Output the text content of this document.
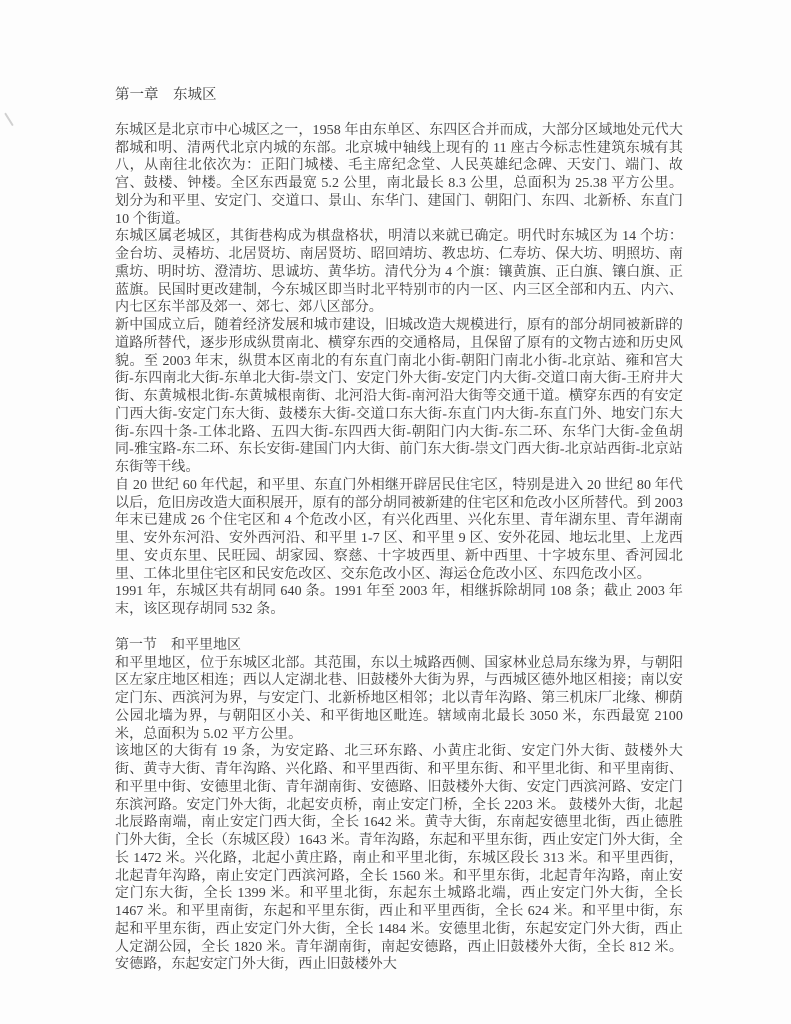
第一章　东城区

东城区是北京市中心城区之一，1958 年由东单区、东四区合并而成，大部分区域地处元代大都城和明、清两代北京内城的东部。北京城中轴线上现有的 11 座古今标志性建筑东城有其八，从南往北依次为：正阳门城楼、毛主席纪念堂、人民英雄纪念碑、天安门、端门、故宫、鼓楼、钟楼。全区东西最宽 5.2 公里，南北最长 8.3 公里，总面积为 25.38 平方公里。划分为和平里、安定门、交道口、景山、东华门、建国门、朝阳门、东四、北新桥、东直门 10 个街道。

东城区属老城区，其街巷构成为棋盘格状，明清以来就已确定。明代时东城区为 14 个坊：金台坊、灵椿坊、北居贤坊、南居贤坊、昭回靖坊、教忠坊、仁寿坊、保大坊、明照坊、南熏坊、明时坊、澄清坊、思诚坊、黄华坊。清代分为 4 个旗：镶黄旗、正白旗、镶白旗、正蓝旗。民国时更改建制，今东城区即当时北平特别市的内一区、内三区全部和内五、内六、内七区东半部及郊一、郊七、郊八区部分。

新中国成立后，随着经济发展和城市建设，旧城改造大规模进行，原有的部分胡同被新辟的道路所替代，逐步形成纵贯南北、横穿东西的交通格局，且保留了原有的文物古迹和历史风貌。至 2003 年末，纵贯本区南北的有东直门南北小街-朝阳门南北小街-北京站、雍和宫大街-东四南北大街-东单北大街-崇文门、安定门外大街-安定门内大街-交道口南大街-王府井大街、东黄城根北街-东黄城根南街、北河沿大街-南河沿大街等交通干道。横穿东西的有安定门西大街-安定门东大街、鼓楼东大街-交道口东大街-东直门内大街-东直门外、地安门东大街-东四十条-工体北路、五四大街-东四西大街-朝阳门内大街-东二环、东华门大街-金鱼胡同-雅宝路-东二环、东长安街-建国门内大街、前门东大街-崇文门西大街-北京站西街-北京站东街等干线。

自 20 世纪 60 年代起，和平里、东直门外相继开辟居民住宅区，特别是进入 20 世纪 80 年代以后，危旧房改造大面积展开，原有的部分胡同被新建的住宅区和危改小区所替代。到 2003 年末已建成 26 个住宅区和 4 个危改小区，有兴化西里、兴化东里、青年湖东里、青年湖南里、安外东河沿、安外西河沿、和平里 1-7 区、和平里 9 区、安外花园、地坛北里、上龙西里、安贞东里、民旺园、胡家园、察慈、十字坡西里、新中西里、十字坡东里、香河园北里、工体北里住宅区和民安危改区、交东危改小区、海运仓危改小区、东四危改小区。

1991 年，东城区共有胡同 640 条。1991 年至 2003 年，相继拆除胡同 108 条；截止 2003 年末，该区现存胡同 532 条。

第一节　和平里地区

和平里地区，位于东城区北部。其范围，东以土城路西侧、国家林业总局东缘为界，与朝阳区左家庄地区相连；西以人定湖北巷、旧鼓楼外大街为界，与西城区德外地区相接；南以安定门东、西滨河为界，与安定门、北新桥地区相邻；北以青年沟路、第三机床厂北缘、柳荫公园北墙为界，与朝阳区小关、和平街地区毗连。辖域南北最长 3050 米，东西最宽 2100 米，总面积为 5.02 平方公里。

该地区的大街有 19 条，为安定路、北三环东路、小黄庄北街、安定门外大街、鼓楼外大街、黄寺大街、青年沟路、兴化路、和平里西街、和平里东街、和平里北街、和平里南街、和平里中街、安德里北街、青年湖南街、安德路、旧鼓楼外大街、安定门西滨河路、安定门东滨河路。安定门外大街，北起安贞桥，南止安定门桥，全长 2203 米。 鼓楼外大街，北起北辰路南端，南止安定门西大街，全长 1642 米。黄寺大街，东南起安德里北街，西止德胜门外大街，全长（东城区段）1643 米。青年沟路，东起和平里东街，西止安定门外大街，全长 1472 米。兴化路，北起小黄庄路，南止和平里北街，东城区段长 313 米。和平里西街，北起青年沟路，南止安定门西滨河路，全长 1560 米。和平里东街，北起青年沟路，南止安定门东大街，全长 1399 米。和平里北街，东起东土城路北端，西止安定门外大街，全长 1467 米。和平里南街，东起和平里东街，西止和平里西街，全长 624 米。和平里中街，东起和平里东街，西止安定门外大街，全长 1484 米。安德里北街，东起安定门外大街，西止人定湖公园，全长 1820 米。青年湖南街，南起安德路，西止旧鼓楼外大街，全长 812 米。安德路，东起安定门外大街，西止旧鼓楼外大
